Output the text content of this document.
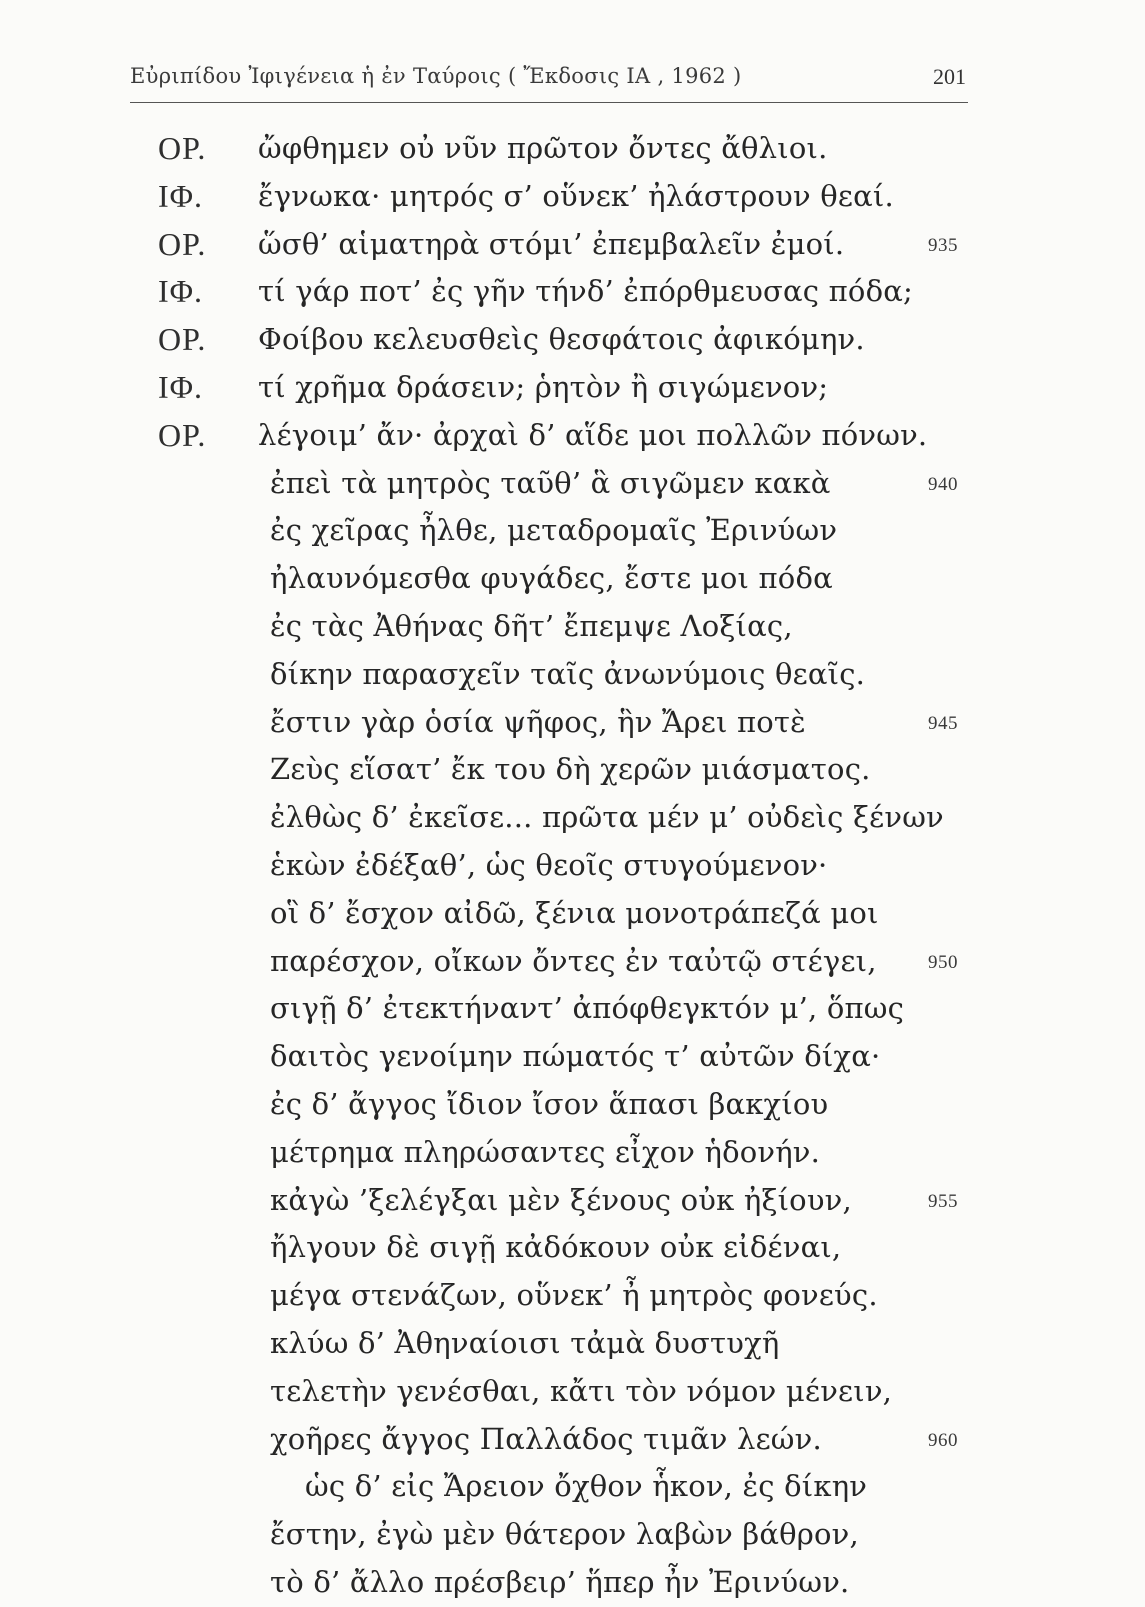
Εὐριπίδου Ἰφιγένεια ἡ ἐν Ταύροις ( Ἔκδοσις ΙΑ , 1962 )	201
ΟΡ. ὤφθημεν οὐ νῦν πρῶτον ὄντες ἄθλιοι.
ΙΦ. ἔγνωκα· μητρός σ’ οὕνεκ’ ἠλάστρουν θεαί.
ΟΡ. ὥσθ’ αἱματηρὰ στόμι’ ἐπεμβαλεῖν ἐμοί.	935
ΙΦ. τί γάρ ποτ’ ἐς γῆν τήνδ’ ἐπόρθμευσας πόδα;
ΟΡ. Φοίβου κελευσθεὶς θεσφάτοις ἀφικόμην.
ΙΦ. τί χρῆμα δράσειν; ῥητὸν ἢ σιγώμενον;
ΟΡ. λέγοιμ’ ἄν· ἀρχαὶ δ’ αἵδε μοι πολλῶν πόνων.
ἐπεὶ τὰ μητρὸς ταῦθ’ ἃ σιγῶμεν κακὰ	940
ἐς χεῖρας ἦλθε, μεταδρομαῖς Ἐρινύων
ἠλαυνόμεσθα φυγάδες, ἔστε μοι πόδα
ἐς τὰς Ἀθήνας δῆτ’ ἔπεμψε Λοξίας,
δίκην παρασχεῖν ταῖς ἀνωνύμοις θεαῖς.
ἔστιν γὰρ ὁσία ψῆφος, ἣν Ἄρει ποτὲ	945
Ζεὺς εἵσατ’ ἔκ του δὴ χερῶν μιάσματος.
ἐλθὼς δ’ ἐκεῖσε... πρῶτα μέν μ’ οὐδεὶς ξένων
ἑκὼν ἐδέξαθ’, ὡς θεοῖς στυγούμενον·
οἳ δ’ ἔσχον αἰδῶ, ξένια μονοτράπεζά μοι
παρέσχον, οἴκων ὄντες ἐν ταὐτῷ στέγει,	950
σιγῇ δ’ ἐτεκτήναντ’ ἀπόφθεγκτόν μ’, ὅπως
δαιτὸς γενοίμην πώματός τ’ αὐτῶν δίχα·
ἐς δ’ ἄγγος ἴδιον ἴσον ἅπασι βακχίου
μέτρημα πληρώσαντες εἶχον ἡδονήν.
κἀγὼ ’ξελέγξαι μὲν ξένους οὐκ ἠξίουν,	955
ἤλγουν δὲ σιγῇ κἀδόκουν οὐκ εἰδέναι,
μέγα στενάζων, οὕνεκ’ ἦ μητρὸς φονεύς.
κλύω δ’ Ἀθηναίοισι τἀμὰ δυστυχῆ
τελετὴν γενέσθαι, κἄτι τὸν νόμον μένειν,
χοῆρες ἄγγος Παλλάδος τιμᾶν λεών.	960
ὡς δ’ εἰς Ἄρειον ὄχθον ἧκον, ἐς δίκην
ἔστην, ἐγὼ μὲν θάτερον λαβὼν βάθρον,
τὸ δ’ ἄλλο πρέσβειρ’ ἥπερ ἦν Ἐρινύων.
